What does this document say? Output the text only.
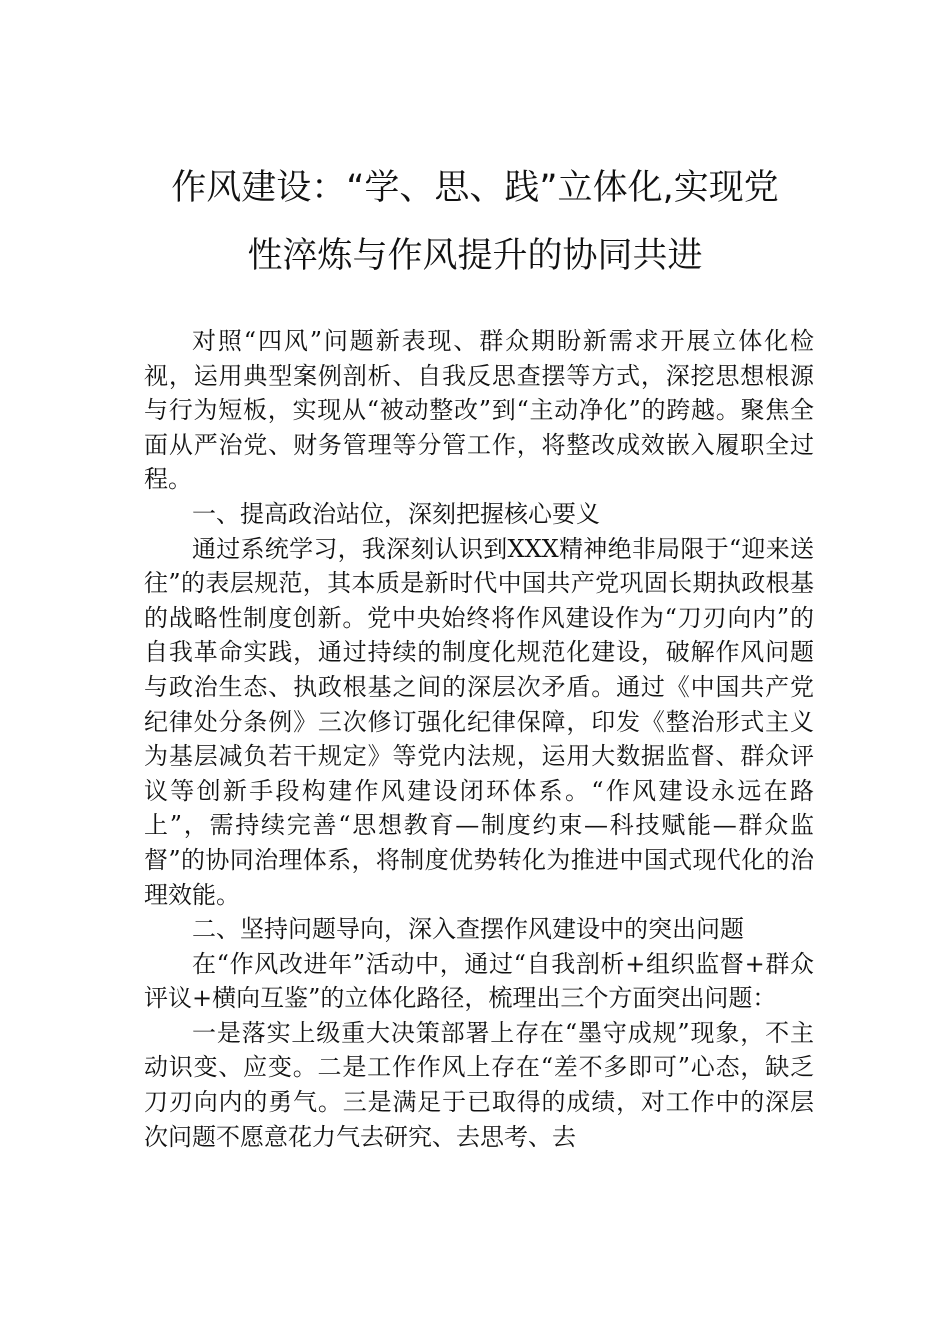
作风建设：“学、思、践”立体化,实现党
性淬炼与作风提升的协同共进

对照“四风”问题新表现、群众期盼新需求开展立体化检视，运用典型案例剖析、自我反思查摆等方式，深挖思想根源与行为短板，实现从“被动整改”到“主动净化”的跨越。聚焦全面从严治党、财务管理等分管工作，将整改成效嵌入履职全过程。

一、提高政治站位，深刻把握核心要义

通过系统学习，我深刻认识到XXX精神绝非局限于“迎来送往”的表层规范，其本质是新时代中国共产党巩固长期执政根基的战略性制度创新。党中央始终将作风建设作为“刀刃向内”的自我革命实践，通过持续的制度化规范化建设，破解作风问题与政治生态、执政根基之间的深层次矛盾。通过《中国共产党纪律处分条例》三次修订强化纪律保障，印发《整治形式主义为基层减负若干规定》等党内法规，运用大数据监督、群众评议等创新手段构建作风建设闭环体系。“作风建设永远在路上”，需持续完善“思想教育—制度约束—科技赋能—群众监督”的协同治理体系，将制度优势转化为推进中国式现代化的治理效能。

二、坚持问题导向，深入查摆作风建设中的突出问题

在“作风改进年”活动中，通过“自我剖析+组织监督+群众评议+横向互鉴”的立体化路径，梳理出三个方面突出问题：

一是落实上级重大决策部署上存在“墨守成规”现象，不主动识变、应变。二是工作作风上存在“差不多即可”心态，缺乏刀刃向内的勇气。三是满足于已取得的成绩，对工作中的深层次问题不愿意花力气去研究、去思考、去
